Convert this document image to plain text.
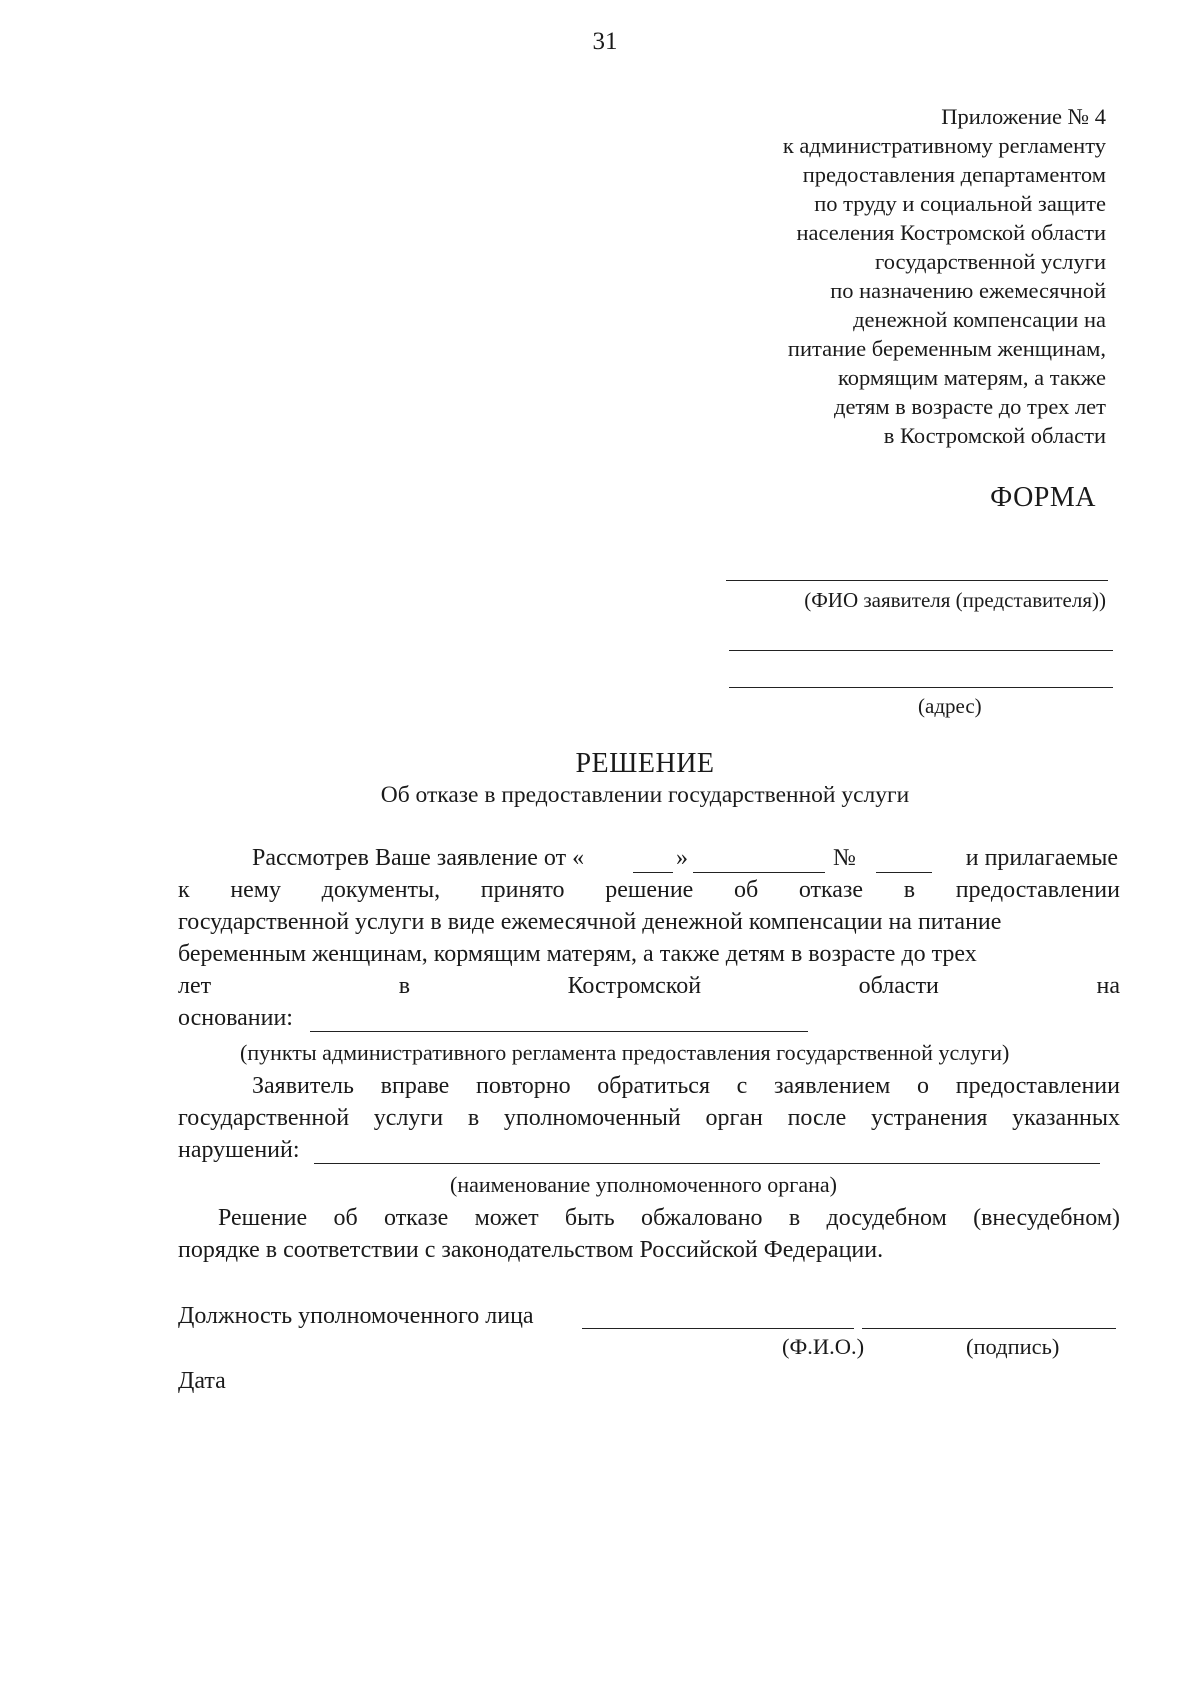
31
Приложение № 4
к административному регламенту
предоставления департаментом
по труду и социальной защите
населения Костромской области
государственной услуги
по назначению ежемесячной
денежной компенсации на
питание беременным женщинам,
кормящим матерям, а также
детям в возрасте до трех лет
в Костромской области
ФОРМА
(ФИО заявителя (представителя))
(адрес)
РЕШЕНИЕ
Об отказе в предоставлении государственной услуги
Рассмотрев Ваше заявление от «	»	№	и прилагаемые
к нему документы, принято решение об отказе в предоставлении
государственной услуги в виде ежемесячной денежной компенсации на питание
беременным женщинам, кормящим матерям, а также детям в возрасте до трех
лет	в	Костромской	области	на
основании:
(пункты административного регламента предоставления государственной услуги)
Заявитель вправе повторно обратиться с заявлением о предоставлении
государственной услуги в уполномоченный орган после устранения указанных
нарушений:
(наименование уполномоченного органа)
Решение об отказе может быть обжаловано в досудебном (внесудебном)
порядке в соответствии с законодательством Российской Федерации.
Должность уполномоченного лица
(Ф.И.О.)	(подпись)
Дата
